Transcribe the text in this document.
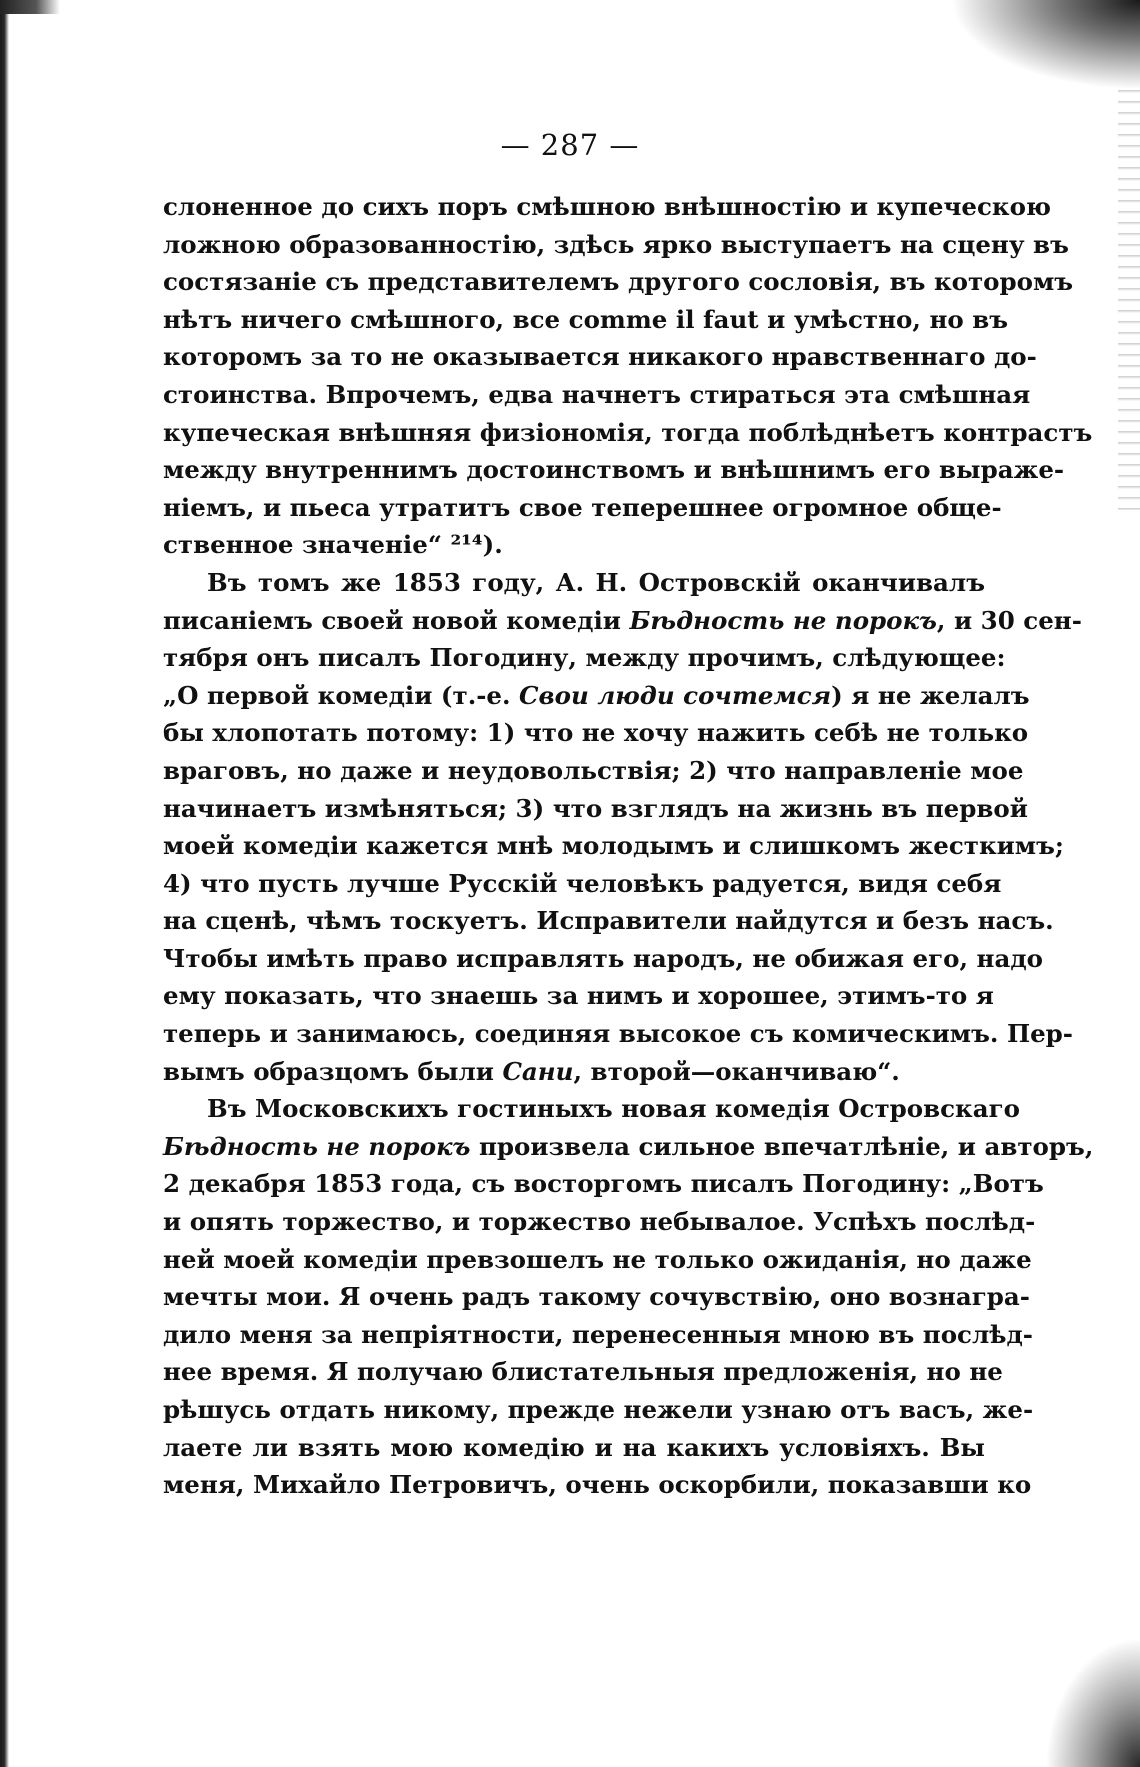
— 287 —
слоненное до сихъ поръ смѣшною внѣшностію и купеческою
ложною образованностію, здѣсь ярко выступаетъ на сцену въ
состязаніе съ представителемъ другого сословія, въ которомъ
нѣтъ ничего смѣшного, все comme il faut и умѣстно, но въ
которомъ за то не оказывается никакого нравственнаго до-
стоинства. Впрочемъ, едва начнетъ стираться эта смѣшная
купеческая внѣшняя физіономія, тогда поблѣднѣетъ контрастъ
между внутреннимъ достоинствомъ и внѣшнимъ его выраже-
ніемъ, и пьеса утратитъ свое теперешнее огромное обще-
ственное значеніе“ ²¹⁴).
Въ томъ же 1853 году, А. Н. Островскій оканчивалъ
писаніемъ своей новой комедіи Бѣдность не порокъ, и 30 сен-
тября онъ писалъ Погодину, между прочимъ, слѣдующее:
„О первой комедіи (т.-е. Свои люди сочтемся) я не желалъ
бы хлопотать потому: 1) что не хочу нажить себѣ не только
враговъ, но даже и неудовольствія; 2) что направленіе мое
начинаетъ измѣняться; 3) что взглядъ на жизнь въ первой
моей комедіи кажется мнѣ молодымъ и слишкомъ жесткимъ;
4) что пусть лучше Русскій человѣкъ радуется, видя себя
на сценѣ, чѣмъ тоскуетъ. Исправители найдутся и безъ насъ.
Чтобы имѣть право исправлять народъ, не обижая его, надо
ему показать, что знаешь за нимъ и хорошее, этимъ-то я
теперь и занимаюсь, соединяя высокое съ комическимъ. Пер-
вымъ образцомъ были Сани, второй—оканчиваю“.
Въ Московскихъ гостиныхъ новая комедія Островскаго
Бѣдность не порокъ произвела сильное впечатлѣніе, и авторъ,
2 декабря 1853 года, съ восторгомъ писалъ Погодину: „Вотъ
и опять торжество, и торжество небывалое. Успѣхъ послѣд-
ней моей комедіи превзошелъ не только ожиданія, но даже
мечты мои. Я очень радъ такому сочувствію, оно вознагра-
дило меня за непріятности, перенесенныя мною въ послѣд-
нее время. Я получаю блистательныя предложенія, но не
рѣшусь отдать никому, прежде нежели узнаю отъ васъ, же-
лаете ли взять мою комедію и на какихъ условіяхъ. Вы
меня, Михайло Петровичъ, очень оскорбили, показавши ко
